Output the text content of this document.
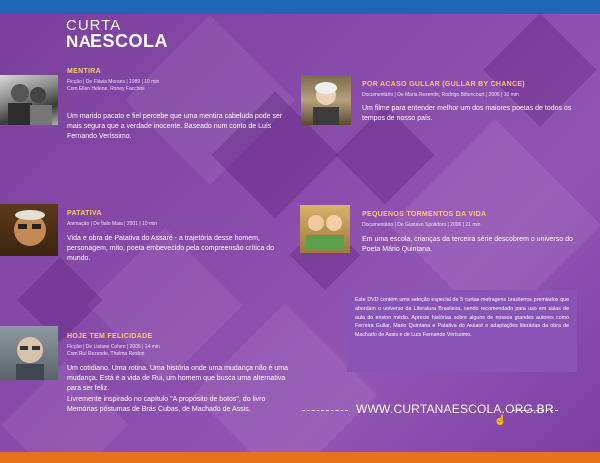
CURTA
NA
ESCOLA
MENTIRA
Ficção | De Flávia Moraes | 1989 | 10 min
Com Ellen Helene, Roney Facchini
Um marido pacato e fiel percebe que uma mentira cabeluda pode ser mais segura que a verdade inocente. Baseado num conto de Luís Fernando Veríssimo.
POR ACASO GULLAR (GULLAR BY CHANCE)
Documentário | De Maria Rezende, Rodrigo Bittencourt | 2006 | 10 min
Um filme para entender melhor um dos maiores poetas de todos os tempos de nosso país.
PATATIVA
Animação | De Ítalo Maia | 2001 | 10 min
Vida e obra de Patativa do Assaré - a trajetória desse homem, personagem, mito, poeta embevecido pela compreensão crítica do mundo.
PEQUENOS TORMENTOS DA VIDA
Documentário | De Gustavo Spolidoro | 2006 | 21 min
Em uma escola, crianças da terceira série descobrem o universo do Poeta Mário Quintana.
HOJE TEM FELICIDADE
Ficção | De Lisiane Cohen | 2005 | 14 min
Com Rui Rezende, Thelma Reston
Um cotidiano. Uma rotina. Uma história onde uma mudança não é uma mudança. Está é a vida de Rui, um homem que busca uma alternativa para ser feliz.
Livremente inspirado no capítulo "A propósito de botos", do livro Memórias póstumas de Brás Cubas, de Machado de Assis.
Este DVD contém uma seleção especial de 5 curtas-metragens brasileiros premiados que abordam o universo da Literatura Brasileira, sendo recomendado para uso em salas de aula do ensino médio. Aprecie histórias sobre alguns de nossos grandes autores como Ferreira Gullar, Mario Quintana e Patativa do Assaré e adaptações literárias da obra de Machado de Assis e de Luís Fernando Veríssimo.
WWW.CURTANAESCOLA.ORG.BR
☝
